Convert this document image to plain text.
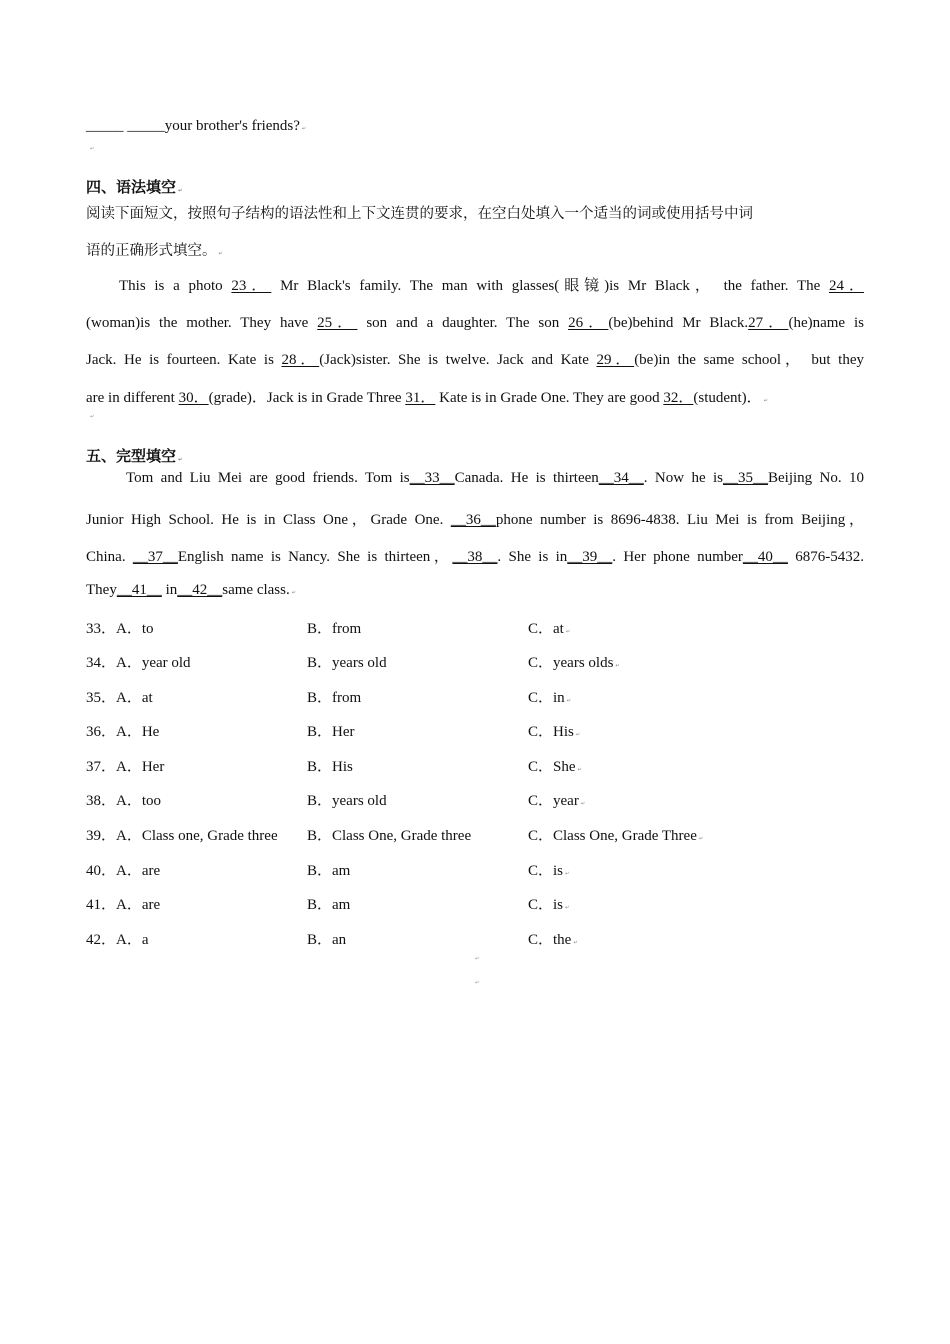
_____ _____your brother's friends? ↵
↵
四、语法填空 ↵
阅读下面短文，按照句子结构的语法性和上下文连贯的要求，在空白处填入一个适当的词或使用括号中词
语的正确形式填空。 ↵
This is a photo 23． Mr Black's family. The man with glasses(眼镜)is Mr Black， the father. The 24．
(woman)is the mother. They have 25． son and a daughter. The son 26．(be)behind Mr Black.27．(he)name is
Jack. He is fourteen. Kate is 28．(Jack)sister. She is twelve. Jack and Kate 29．(be)in the same school， but they
are in different 30．(grade)．Jack is in Grade Three 31． Kate is in Grade One. They are good 32．(student)． ↵
↵
五、完型填空 ↵
Tom and Liu Mei are good friends. Tom is__33__Canada. He is thirteen__34__. Now he is__35__Beijing No. 10
Junior High School. He is in Class One，Grade One. __36__phone number is 8696-4838. Liu Mei is from Beijing，
China. __37__English name is Nancy. She is thirteen，__38__. She is in__39__. Her phone number__40__ 6876-5432.
They__41__ in__42__same class. ↵
33．A．to	B．from	C．at ↵
34．A．year old	B．years old	C．years olds ↵
35．A．at	B．from	C．in ↵
36．A．He	B．Her	C．His ↵
37．A．Her	B．His	C．She ↵
38．A．too	B．years old	C．year ↵
39．A．Class one, Grade three B．Class One, Grade three	C．Class One, Grade Three ↵
40．A．are	B．am	C．is ↵
41．A．are	B．am	C．is ↵
42．A．a	B．an	C．the ↵
↵
↵
